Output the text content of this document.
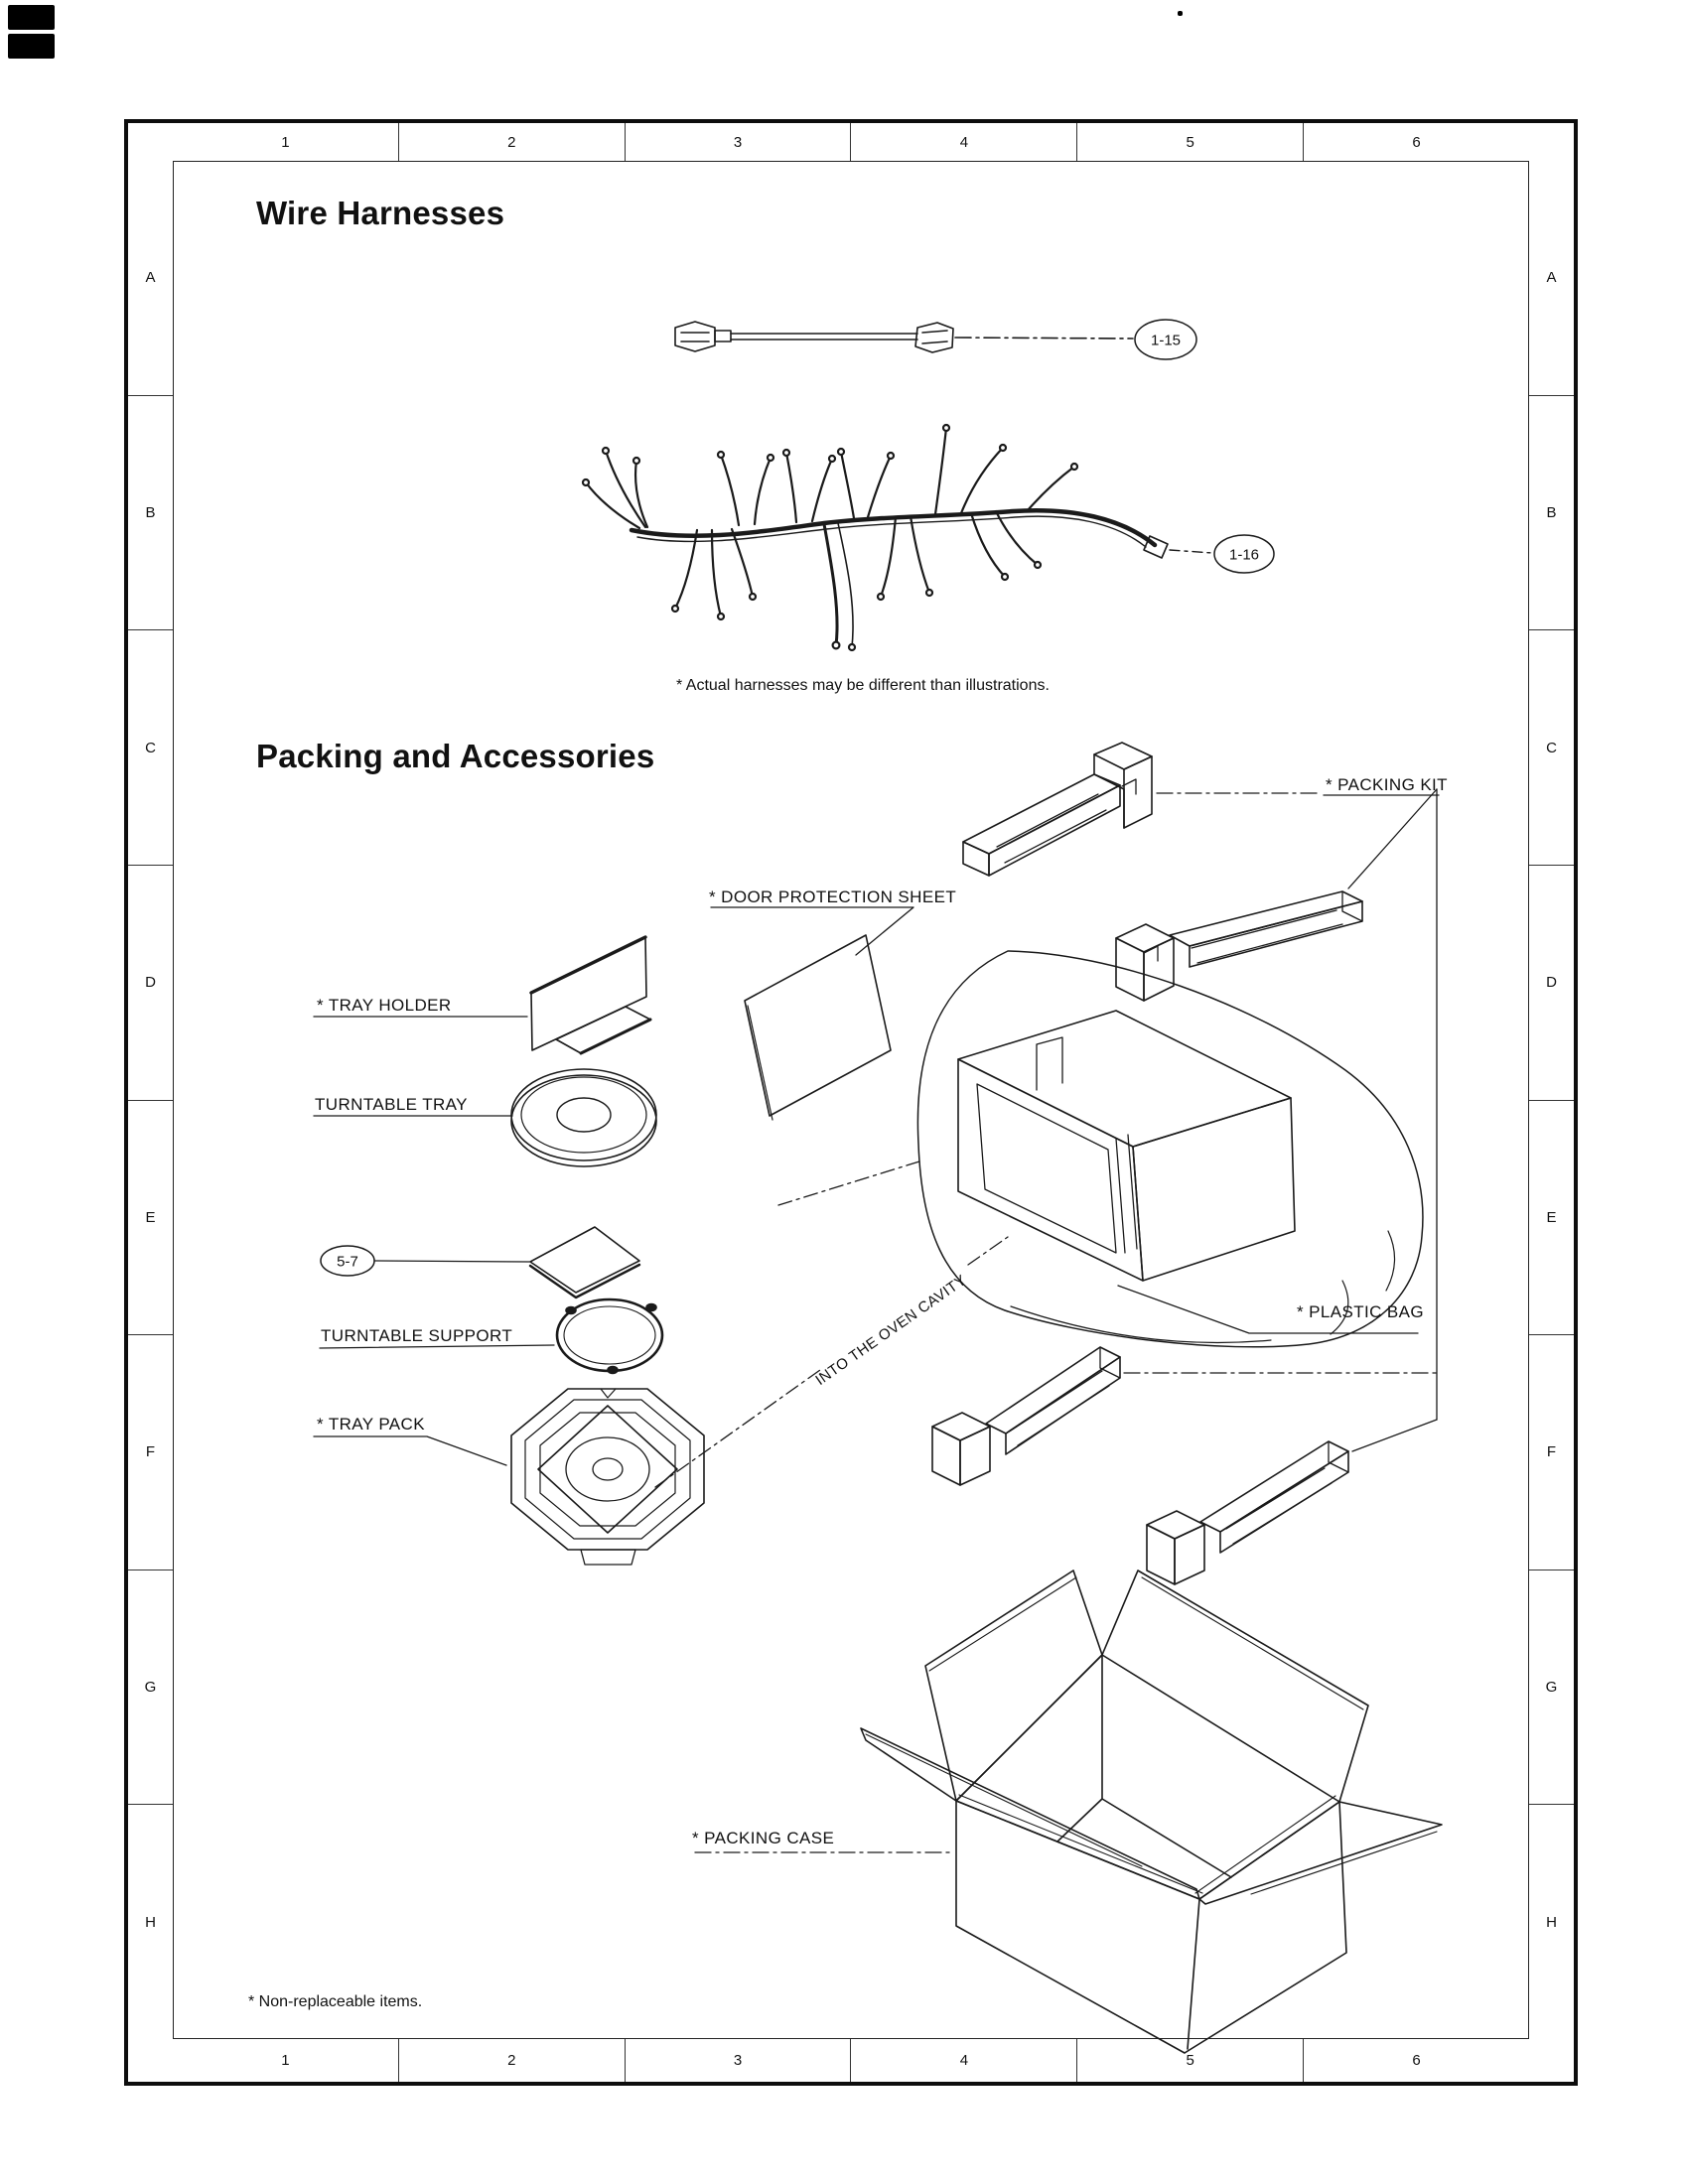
1	2	3	4	5	6
1	2	3	4	5	6
A
B
C
D
E
F
G
H
A
B
C
D
E
F
G
H
Wire Harnesses
1-15
1-16
* Actual harnesses may be different than illustrations.
Packing and Accessories
* PACKING KIT
* DOOR PROTECTION SHEET
* TRAY HOLDER
TURNTABLE TRAY
5-7
TURNTABLE SUPPORT
* TRAY PACK
* PLASTIC BAG
INTO THE OVEN CAVITY
* PACKING CASE
* Non-replaceable items.
